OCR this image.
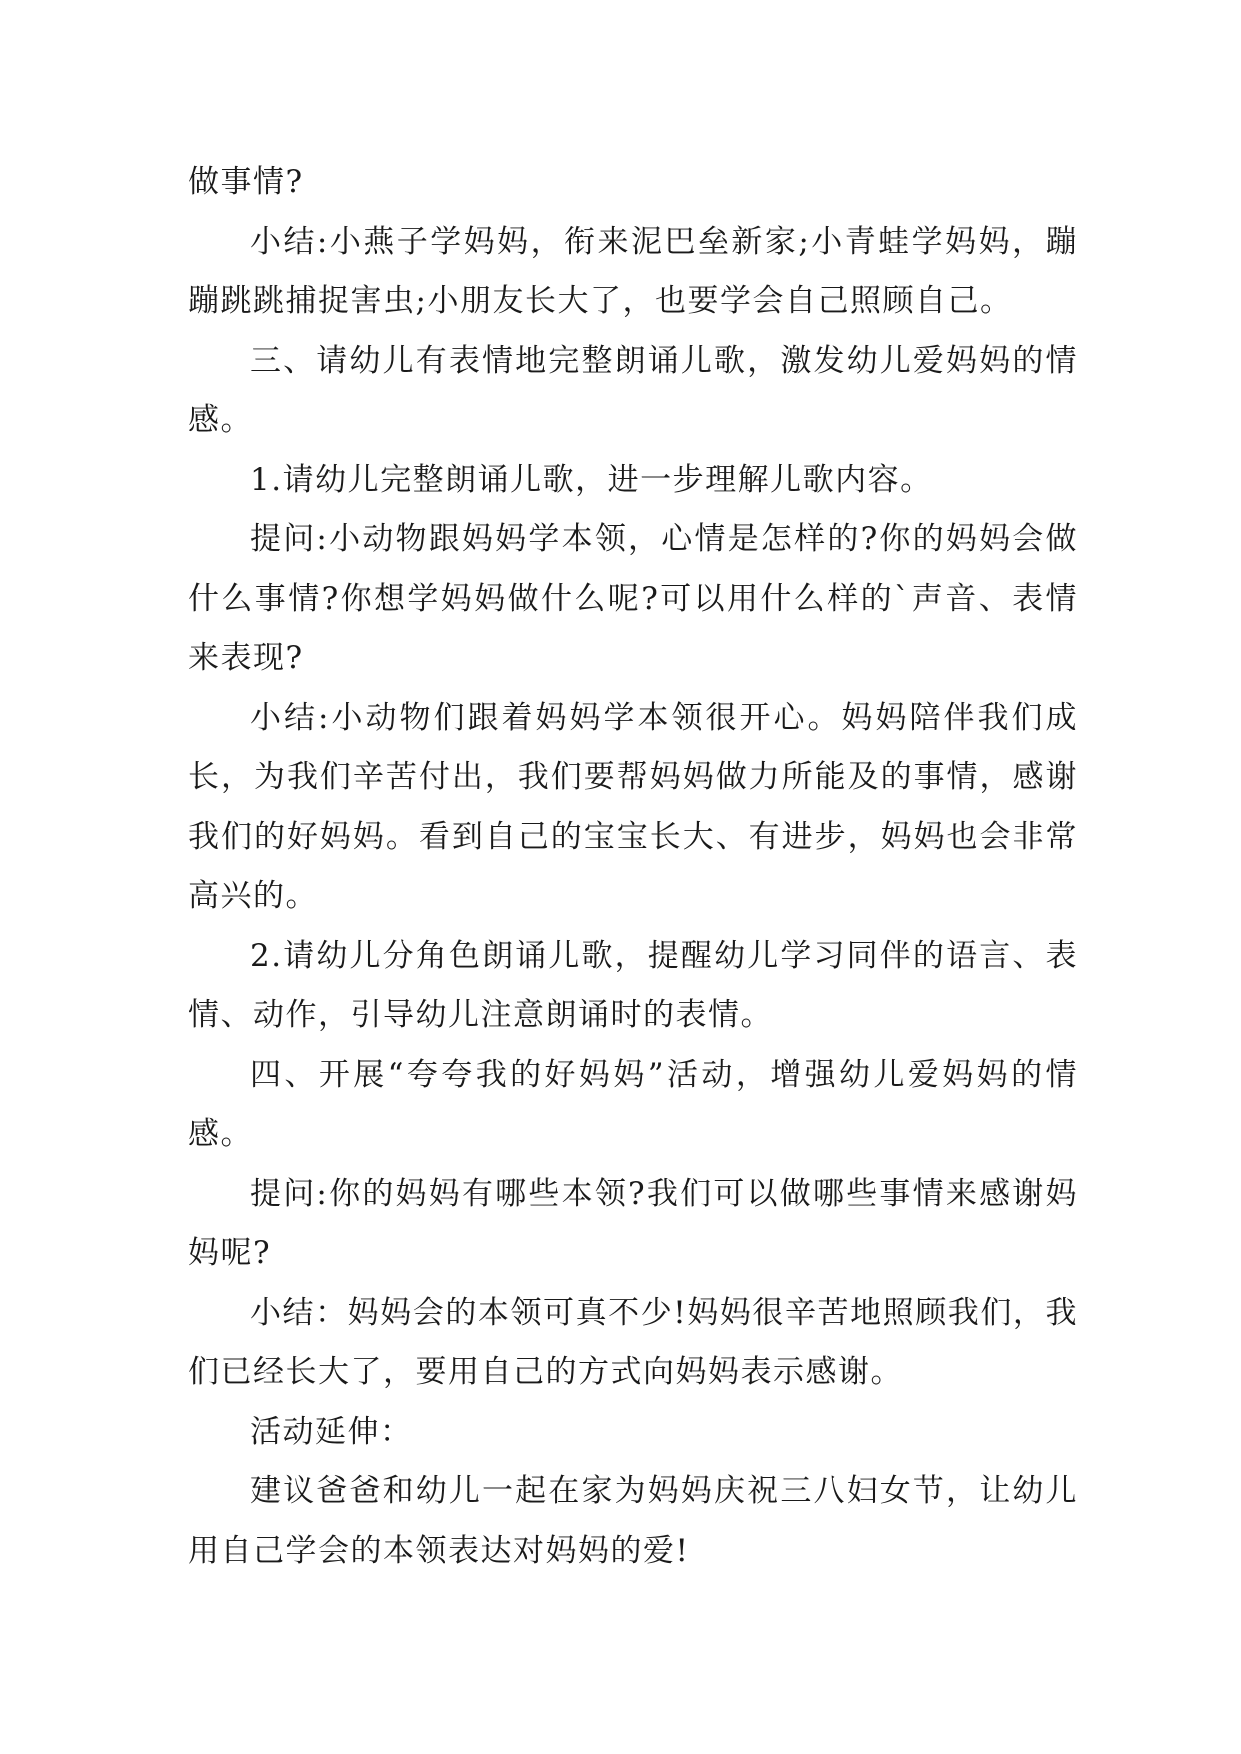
做事情?

小结:小燕子学妈妈，衔来泥巴垒新家;小青蛙学妈妈，蹦蹦跳跳捕捉害虫;小朋友长大了，也要学会自己照顾自己。

三、请幼儿有表情地完整朗诵儿歌，激发幼儿爱妈妈的情感。

1.请幼儿完整朗诵儿歌，进一步理解儿歌内容。

提问:小动物跟妈妈学本领，心情是怎样的?你的妈妈会做什么事情?你想学妈妈做什么呢?可以用什么样的`声音、表情来表现?

小结:小动物们跟着妈妈学本领很开心。妈妈陪伴我们成长，为我们辛苦付出，我们要帮妈妈做力所能及的事情，感谢我们的好妈妈。看到自己的宝宝长大、有进步，妈妈也会非常高兴的。

2.请幼儿分角色朗诵儿歌，提醒幼儿学习同伴的语言、表情、动作，引导幼儿注意朗诵时的表情。

四、开展“夸夸我的好妈妈”活动，增强幼儿爱妈妈的情感。

提问:你的妈妈有哪些本领?我们可以做哪些事情来感谢妈妈呢?

小结：妈妈会的本领可真不少!妈妈很辛苦地照顾我们，我们已经长大了，要用自己的方式向妈妈表示感谢。

活动延伸：

建议爸爸和幼儿一起在家为妈妈庆祝三八妇女节，让幼儿用自己学会的本领表达对妈妈的爱!
